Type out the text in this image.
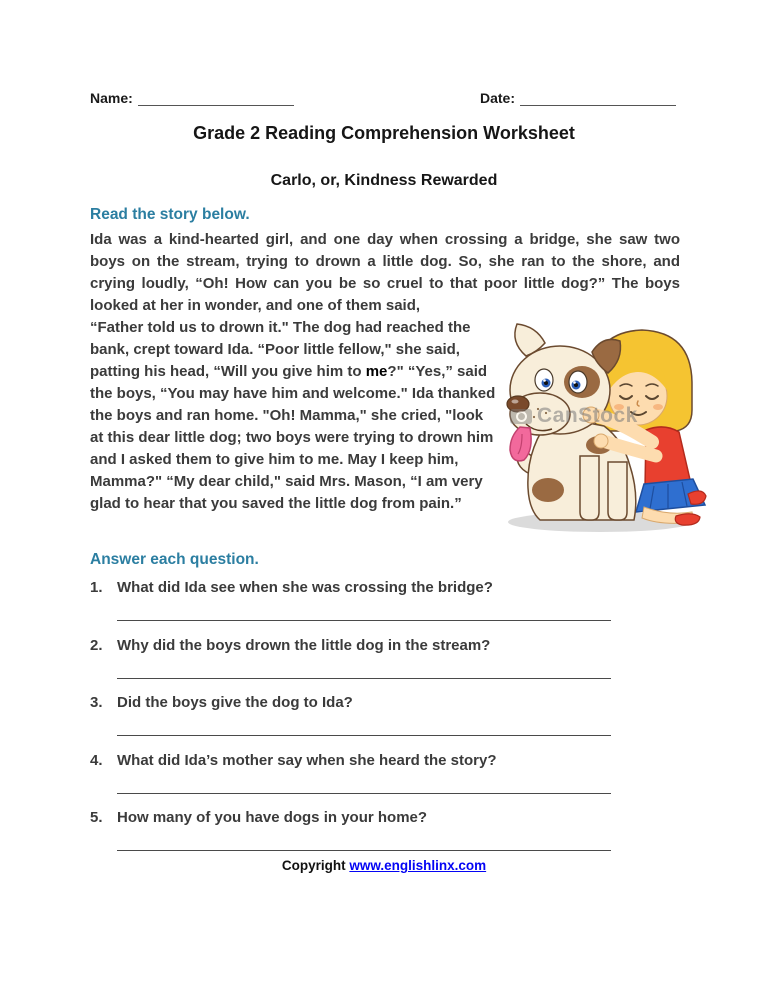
Name:	Date:
Grade 2 Reading Comprehension Worksheet
Carlo, or, Kindness Rewarded
Read the story below.
Ida was a kind-hearted girl, and one day when crossing a bridge, she saw two boys on the stream, trying to drown a little dog. So, she ran to the shore, and crying loudly, “Oh! How can you be so cruel to that poor little dog?” The boys looked at her in wonder, and one of them said,
“Father told us to drown it." The dog had reached the bank, crept toward Ida. “Poor little fellow," she said, patting his head, “Will you give him to me?" “Yes,” said the boys, “You may have him and welcome." Ida thanked the boys and ran home. "Oh! Mamma," she cried, "look at this dear little dog; two boys were trying to drown him and I asked them to give him to me. May I keep him, Mamma?" “My dear child," said Mrs. Mason, “I am very glad to hear that you saved the little dog from pain.”
CanStock
Answer each question.
1. What did Ida see when she was crossing the bridge?
2. Why did the boys drown the little dog in the stream?
3. Did the boys give the dog to Ida?
4. What did Ida’s mother say when she heard the story?
5. How many of you have dogs in your home?
Copyright www.englishlinx.com
